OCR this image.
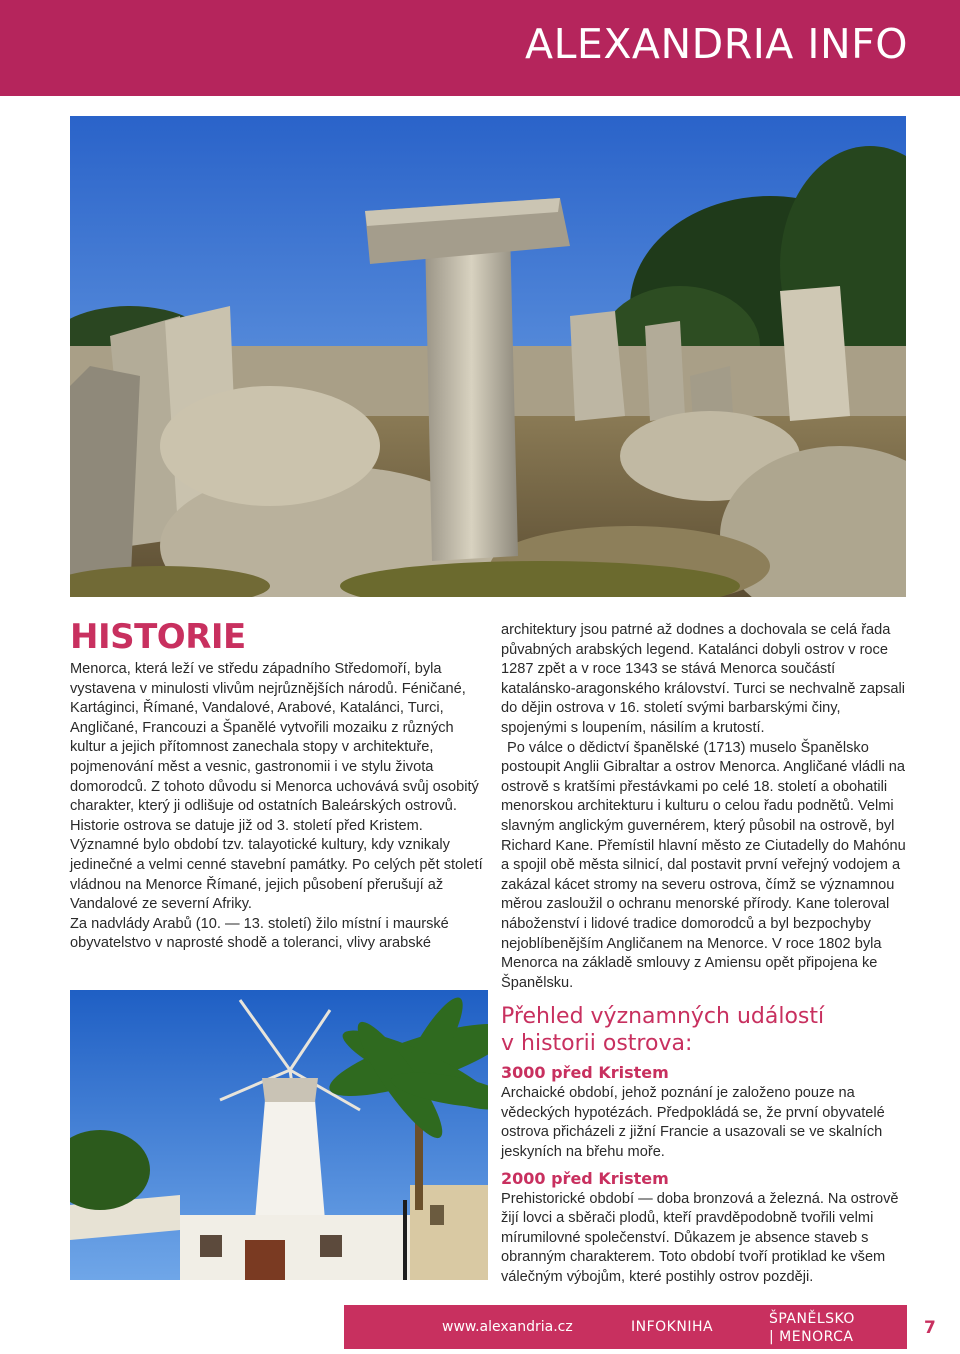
ALEXANDRIA INFO
HISTORIE

Menorca, která leží ve středu západního Středomoří, byla vystavena v minulosti vlivům nejrůznějších národů. Féničané, Kartáginci, Římané, Vandalové, Arabové, Katalánci, Turci, Angličané, Francouzi a Španělé vytvořili mozaiku z různých kultur a jejich přítomnost zanechala stopy v architektuře, pojmenování měst a vesnic, gastronomii i ve stylu života domorodců. Z tohoto důvodu si Menorca uchovává svůj osobitý charakter, který ji odlišuje od ostatních Baleárských ostrovů.

Historie ostrova se datuje již od 3. století před Kristem. Významné bylo období tzv. talayotické kultury, kdy vznikaly jedinečné a velmi cenné stavební památky. Po celých pět století vládnou na Menorce Římané, jejich působení přerušují až Vandalové ze severní Afriky.

Za nadvlády Arabů (10. — 13. století) žilo místní i maurské obyvatelstvo v naprosté shodě a toleranci, vlivy arabské

architektury jsou patrné až dodnes a dochovala se celá řada půvabných arabských legend. Katalánci dobyli ostrov v roce 1287 zpět a v roce 1343 se stává Menorca součástí katalánsko-aragonského království. Turci se nechvalně zapsali do dějin ostrova v 16. století svými barbarskými činy, spojenými s loupením, násilím a krutostí.

Po válce o dědictví španělské (1713) muselo Španělsko postoupit Anglii Gibraltar a ostrov Menorca. Angličané vládli na ostrově s kratšími přestávkami po celé 18. století a obohatili menorskou architekturu i kulturu o celou řadu podnětů. Velmi slavným anglickým guvernérem, který působil na ostrově, byl Richard Kane. Přemístil hlavní město ze Ciutadelly do Mahónu a spojil obě města silnicí, dal postavit první veřejný vodojem a zakázal kácet stromy na severu ostrova, čímž se významnou měrou zasloužil o ochranu menorské přírody. Kane toleroval náboženství i lidové tradice domorodců a byl bezpochyby nejoblíbenějším Angličanem na Menorce. V roce 1802 byla Menorca na základě smlouvy z Amiensu opět připojena ke Španělsku.

Přehled významných událostí
v historii ostrova:
3000 před Kristem

Archaické období, jehož poznání je založeno pouze na vědeckých hypotézách. Předpokládá se, že první obyvatelé ostrova přicházeli z jižní Francie a usazovali se ve skalních jeskyních na břehu moře.

2000 před Kristem

Prehistorické období — doba bronzová a železná. Na ostrově žijí lovci a sběrači plodů, kteří pravděpodobně tvořili velmi mírumilovné společenství. Důkazem je absence staveb s obranným charakterem. Toto období tvoří protiklad ke všem válečným výbojům, které postihly ostrov později.

www.alexandria.cz	INFOKNIHA	ŠPANĚLSKO
| MENORCA	7
